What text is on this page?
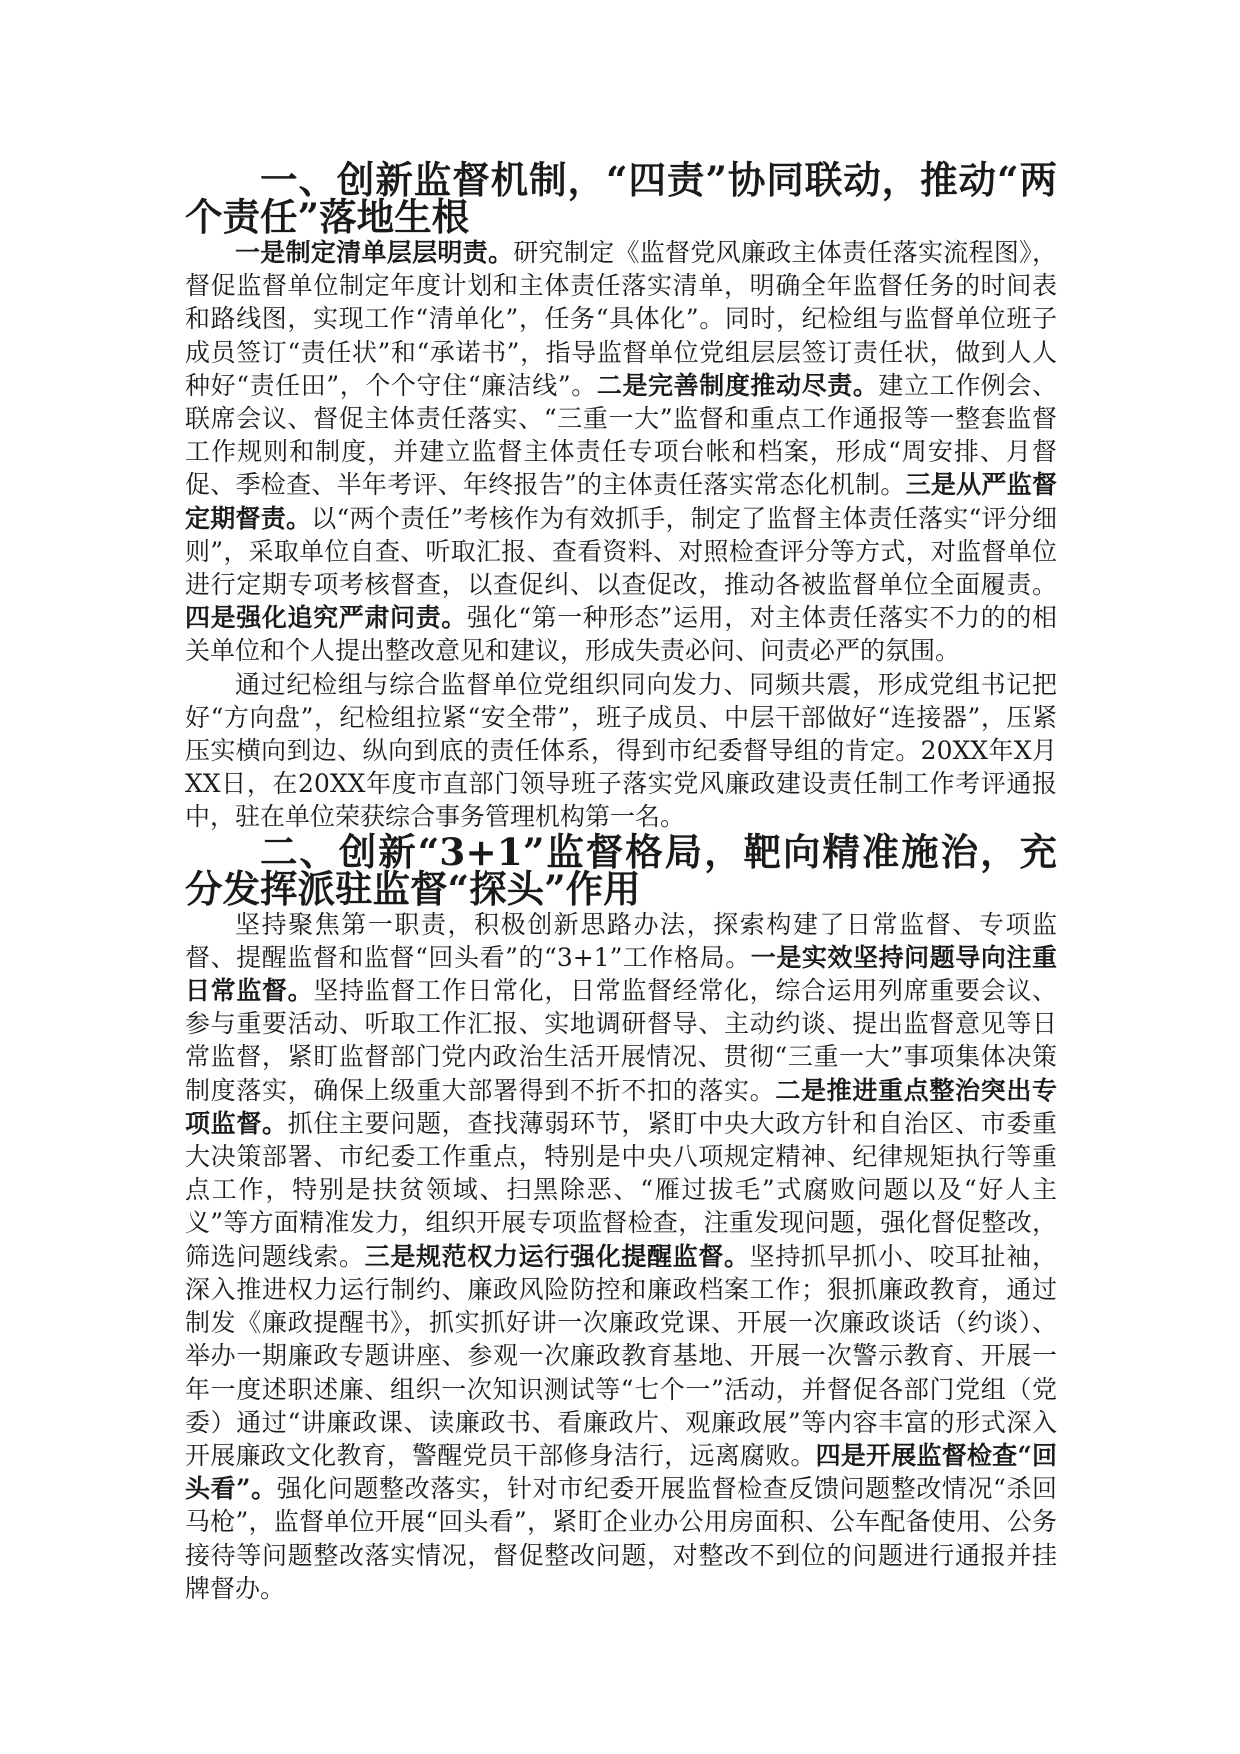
一、创新监督机制，“四责”协同联动，推动“两个责任”落地生根

一是制定清单层层明责。研究制定《监督党风廉政主体责任落实流程图》，督促监督单位制定年度计划和主体责任落实清单，明确全年监督任务的时间表和路线图，实现工作“清单化”，任务“具体化”。同时，纪检组与监督单位班子成员签订“责任状”和“承诺书”，指导监督单位党组层层签订责任状，做到人人种好“责任田”，个个守住“廉洁线”。二是完善制度推动尽责。建立工作例会、联席会议、督促主体责任落实、“三重一大”监督和重点工作通报等一整套监督工作规则和制度，并建立监督主体责任专项台帐和档案，形成“周安排、月督促、季检查、半年考评、年终报告”的主体责任落实常态化机制。三是从严监督定期督责。以“两个责任”考核作为有效抓手，制定了监督主体责任落实“评分细则”，采取单位自查、听取汇报、查看资料、对照检查评分等方式，对监督单位进行定期专项考核督查，以查促纠、以查促改，推动各被监督单位全面履责。四是强化追究严肃问责。强化“第一种形态”运用，对主体责任落实不力的的相关单位和个人提出整改意见和建议，形成失责必问、问责必严的氛围。

通过纪检组与综合监督单位党组织同向发力、同频共震，形成党组书记把好“方向盘”，纪检组拉紧“安全带”，班子成员、中层干部做好“连接器”，压紧压实横向到边、纵向到底的责任体系，得到市纪委督导组的肯定。20XX年X月XX日，在20XX年度市直部门领导班子落实党风廉政建设责任制工作考评通报中，驻在单位荣获综合事务管理机构第一名。

二、创新“3+1”监督格局，靶向精准施治，充分发挥派驻监督“探头”作用

坚持聚焦第一职责，积极创新思路办法，探索构建了日常监督、专项监督、提醒监督和监督“回头看”的“3+1”工作格局。一是实效坚持问题导向注重日常监督。坚持监督工作日常化，日常监督经常化，综合运用列席重要会议、参与重要活动、听取工作汇报、实地调研督导、主动约谈、提出监督意见等日常监督，紧盯监督部门党内政治生活开展情况、贯彻“三重一大”事项集体决策制度落实，确保上级重大部署得到不折不扣的落实。二是推进重点整治突出专项监督。抓住主要问题，查找薄弱环节，紧盯中央大政方针和自治区、市委重大决策部署、市纪委工作重点，特别是中央八项规定精神、纪律规矩执行等重点工作，特别是扶贫领域、扫黑除恶、“雁过拔毛”式腐败问题以及“好人主义”等方面精准发力，组织开展专项监督检查，注重发现问题，强化督促整改，筛选问题线索。三是规范权力运行强化提醒监督。坚持抓早抓小、咬耳扯袖，深入推进权力运行制约、廉政风险防控和廉政档案工作；狠抓廉政教育，通过制发《廉政提醒书》，抓实抓好讲一次廉政党课、开展一次廉政谈话（约谈）、举办一期廉政专题讲座、参观一次廉政教育基地、开展一次警示教育、开展一年一度述职述廉、组织一次知识测试等“七个一”活动，并督促各部门党组（党委）通过“讲廉政课、读廉政书、看廉政片、观廉政展”等内容丰富的形式深入开展廉政文化教育，警醒党员干部修身洁行，远离腐败。四是开展监督检查“回头看”。强化问题整改落实，针对市纪委开展监督检查反馈问题整改情况“杀回马枪”，监督单位开展“回头看”，紧盯企业办公用房面积、公车配备使用、公务接待等问题整改落实情况，督促整改问题，对整改不到位的问题进行通报并挂牌督办。
